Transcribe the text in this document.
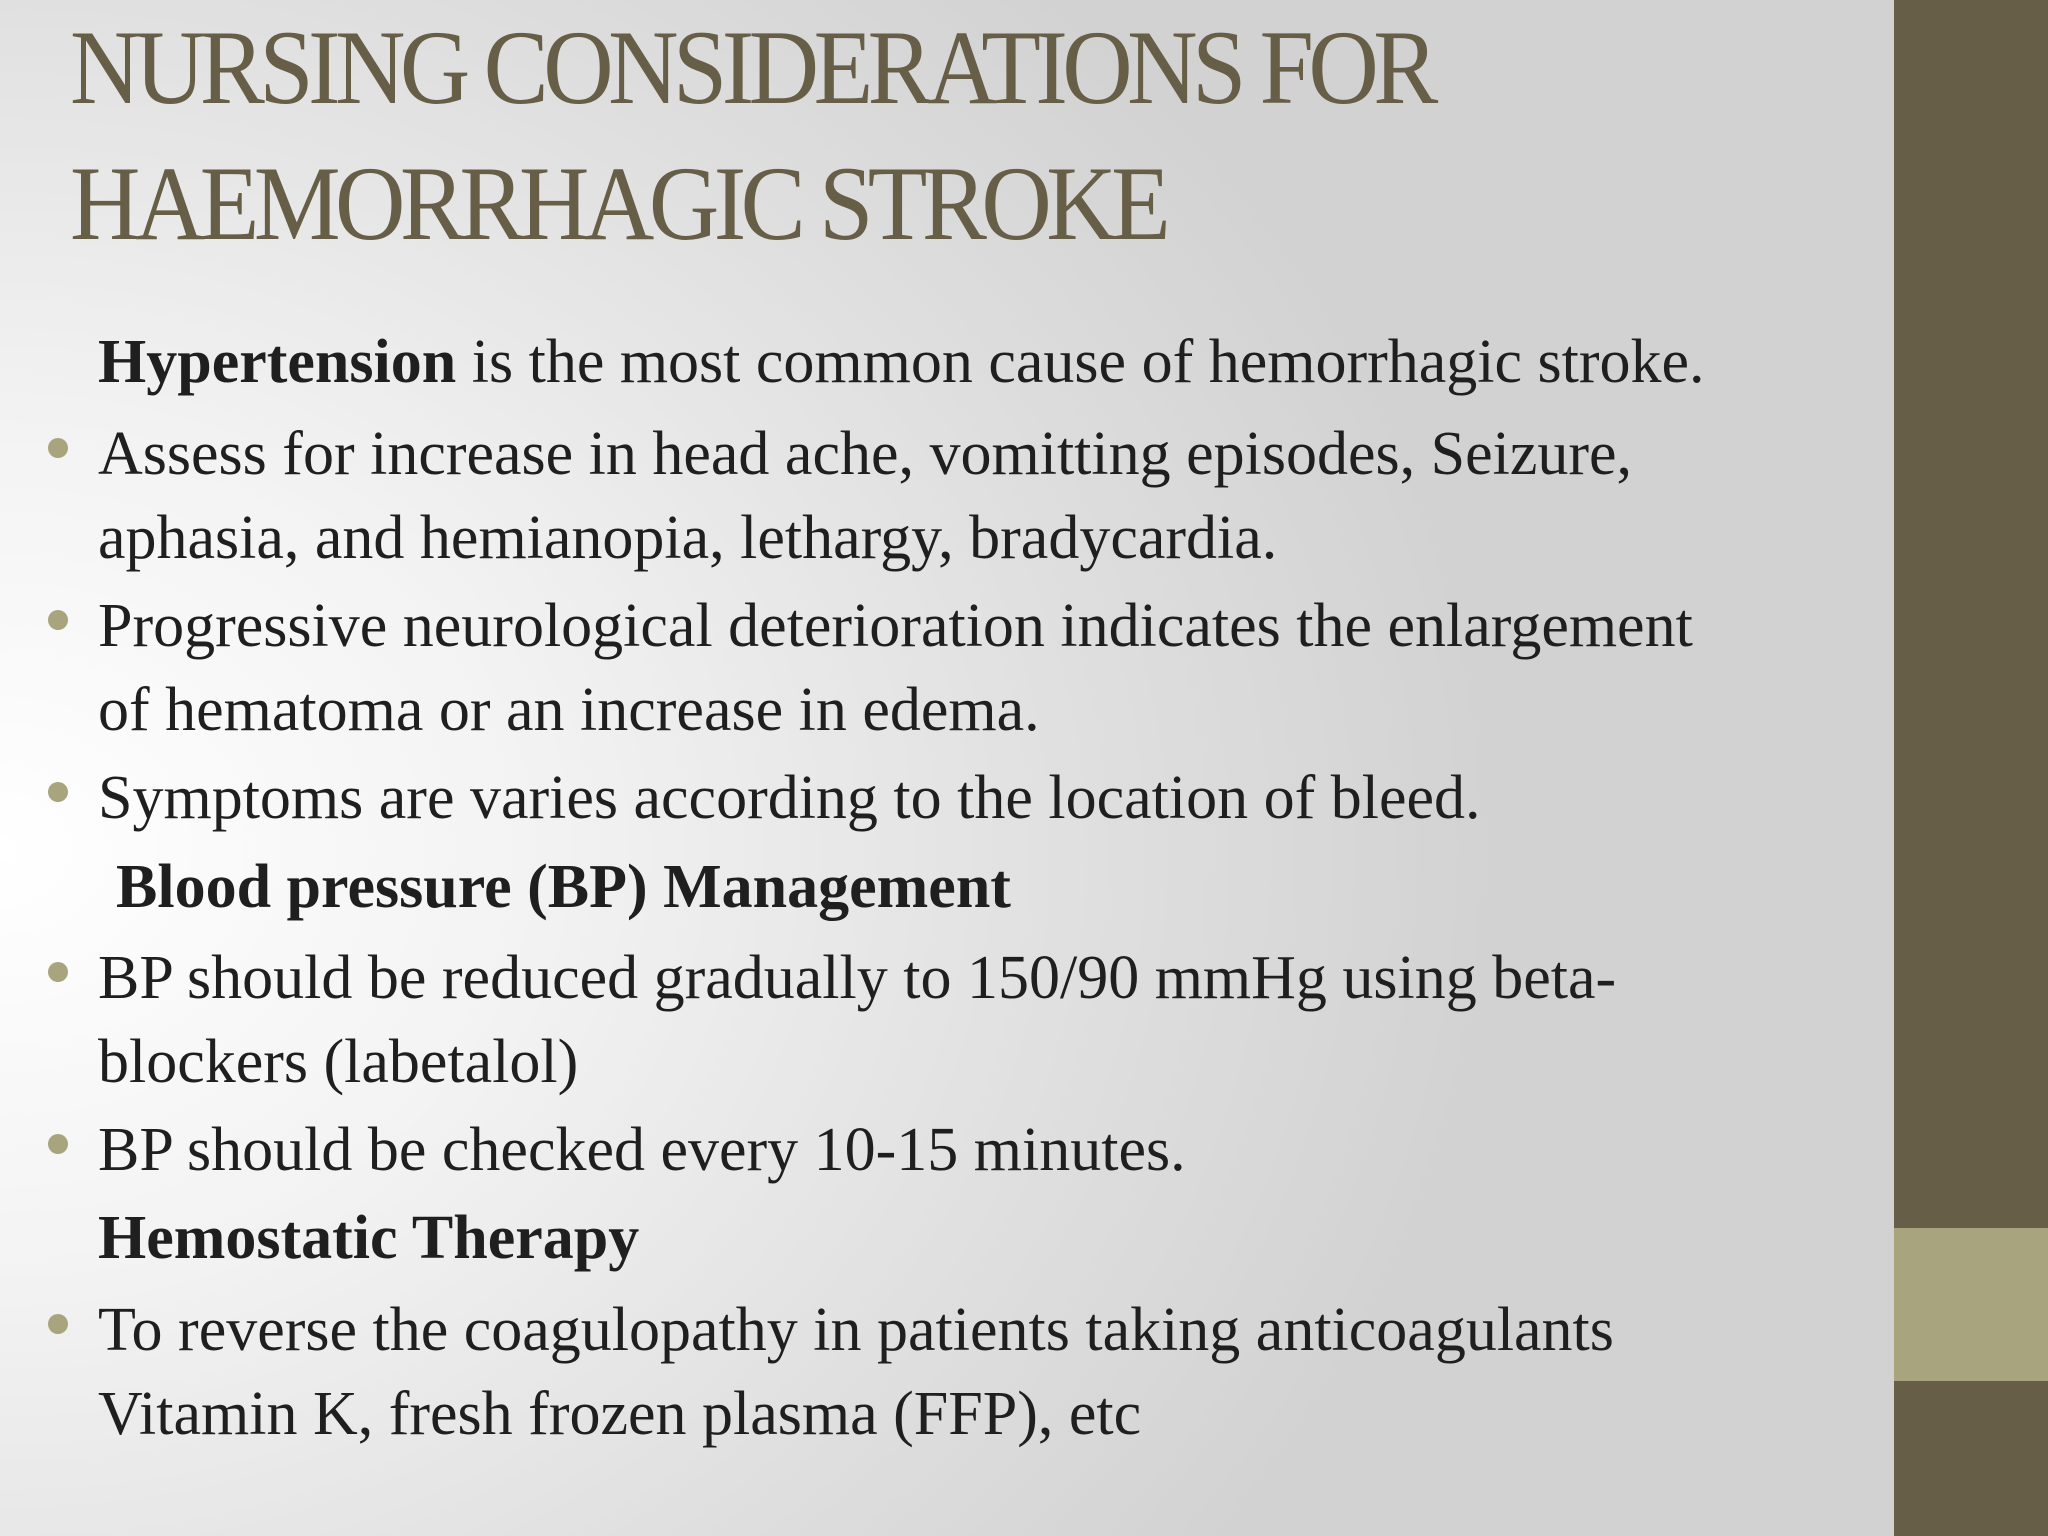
NURSING CONSIDERATIONS FOR
HAEMORRHAGIC STROKE
Hypertension is the most common cause of hemorrhagic stroke.
Assess for increase in head ache, vomitting episodes, Seizure,
aphasia, and hemianopia, lethargy, bradycardia.
Progressive neurological deterioration indicates the enlargement
of hematoma or an increase in edema.
Symptoms are varies according to the location of bleed.
Blood pressure (BP) Management
BP should be reduced gradually to 150/90 mmHg using beta-
blockers (labetalol)
BP should be checked every 10-15 minutes.
Hemostatic Therapy
To reverse the coagulopathy in patients taking anticoagulants
Vitamin K, fresh frozen plasma (FFP), etc
